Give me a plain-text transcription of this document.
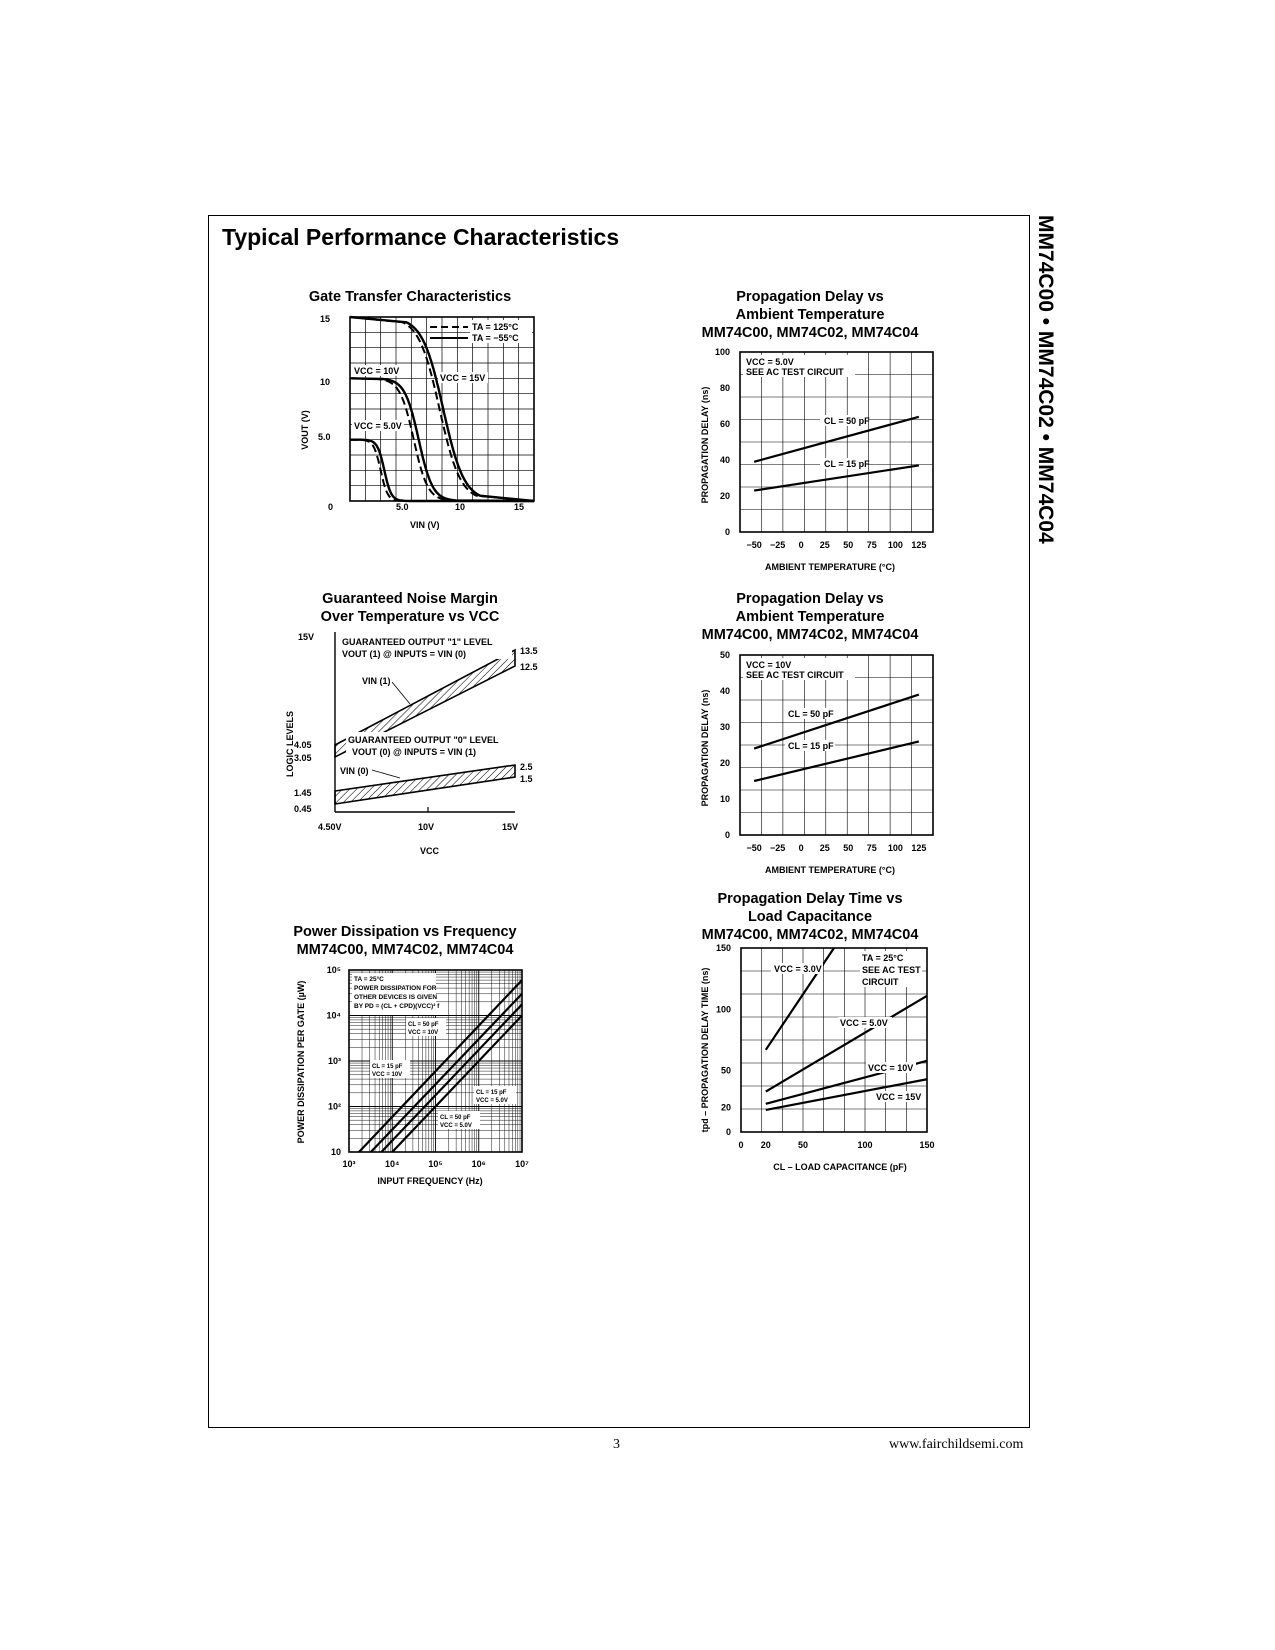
Typical Performance Characteristics	MM74C00 • MM74C02 • MM74C04
Gate Transfer Characteristics
TA = 125°C
TA = −55°C
VCC = 10V
VCC = 15V
VCC = 5.0V
15
10
5.0
0	5.0	10	15
VIN (V)
VOUT (V)
Propagation Delay vs
Ambient Temperature
MM74C00, MM74C02, MM74C04
0
20
40
60
80
100
−50 −25 0 25 50 75 100 125
VCC = 5.0V
SEE AC TEST CIRCUIT
CL = 50 pF
CL = 15 pF
AMBIENT TEMPERATURE (°C)
PROPAGATION DELAY (ns)
Guaranteed Noise Margin
Over Temperature vs VCC
GUARANTEED OUTPUT "1" LEVEL
VOUT (1) @ INPUTS = VIN (0)
VIN (1)
GUARANTEED OUTPUT "0" LEVEL
VOUT (0) @ INPUTS = VIN (1)
VIN (0)
15V
4.05
3.05
1.45
0.45
13.5
12.5
2.5
1.5
4.50V	10V	15V
VCC
LOGIC LEVELS
Propagation Delay vs
Ambient Temperature
MM74C00, MM74C02, MM74C04
0
10
20
30
40
50
−50 −25 0 25 50 75 100 125
VCC = 10V
SEE AC TEST CIRCUIT
CL = 50 pF
CL = 15 pF
AMBIENT TEMPERATURE (°C)
PROPAGATION DELAY (ns)
Power Dissipation vs Frequency
MM74C00, MM74C02, MM74C04
TA = 25°C
POWER DISSIPATION FOR
OTHER DEVICES IS GIVEN
BY PD = (CL + CPD)(VCC)² f
CL = 50 pF
VCC = 10V
CL = 15 pF
VCC = 10V
CL = 15 pF
VCC = 5.0V
CL = 50 pF
VCC = 5.0V
10
10²
10³
10⁴
10⁵
10³	10⁴	10⁵	10⁶	10⁷
INPUT FREQUENCY (Hz)
POWER DISSIPATION PER GATE (µW)
Propagation Delay Time vs
Load Capacitance
MM74C00, MM74C02, MM74C04
0
20
50
100
150
0 20	50	100	150
TA = 25°C
SEE AC TEST
CIRCUIT
VCC = 3.0V
VCC = 5.0V
VCC = 10V
VCC = 15V
CL – LOAD CAPACITANCE (pF)
tpd – PROPAGATION DELAY TIME (ns)
3	www.fairchildsemi.com
